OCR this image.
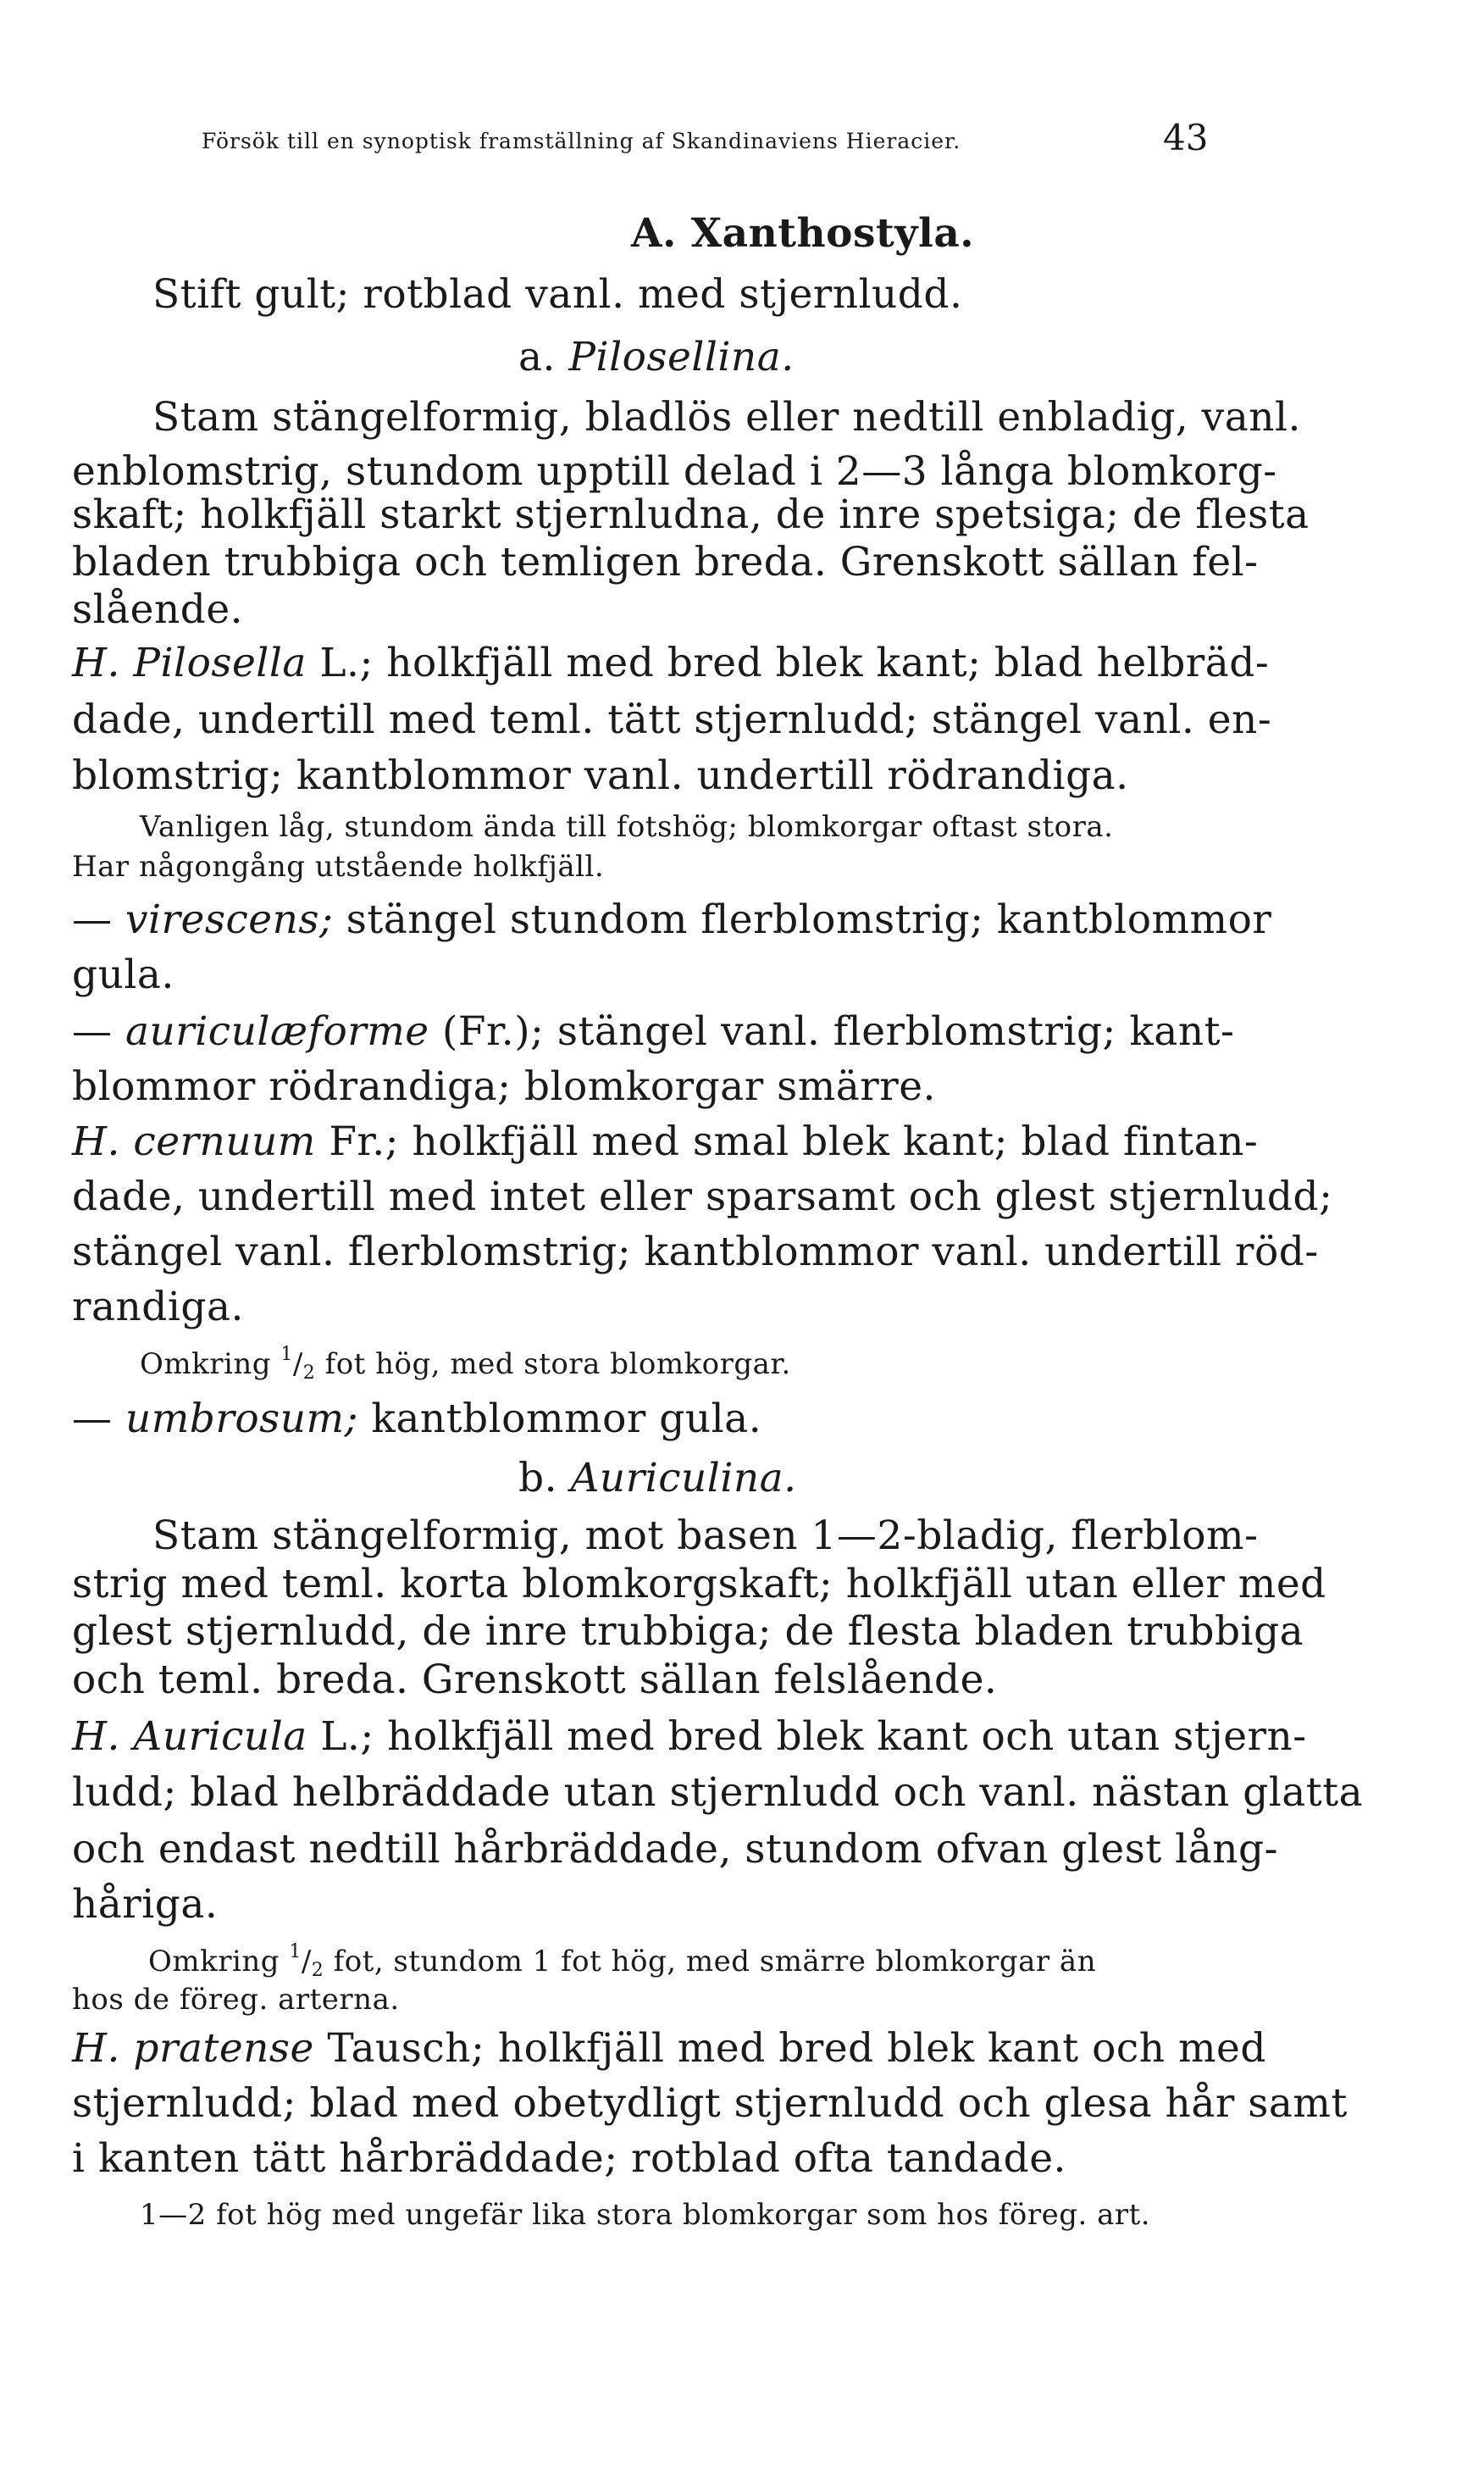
Försök till en synoptisk framställning af Skandinaviens Hieracier.	43

A. Xanthostyla.

Stift gult; rotblad vanl. med stjernludd.

a. Pilosellina.

Stam stängelformig, bladlös eller nedtill enbladig, vanl.

enblomstrig, stundom upptill delad i 2—3 långa blomkorg-

skaft; holkfjäll starkt stjernludna, de inre spetsiga; de flesta

bladen trubbiga och temligen breda. Grenskott sällan fel-

slående.

H. Pilosella L.; holkfjäll med bred blek kant; blad helbräd-

dade, undertill med teml. tätt stjernludd; stängel vanl. en-

blomstrig; kantblommor vanl. undertill rödrandiga.

Vanligen låg, stundom ända till fotshög; blomkorgar oftast stora.

Har någongång utstående holkfjäll.

— virescens; stängel stundom flerblomstrig; kantblommor

gula.

— auriculæforme (Fr.); stängel vanl. flerblomstrig; kant-

blommor rödrandiga; blomkorgar smärre.

H. cernuum Fr.; holkfjäll med smal blek kant; blad fintan-

dade, undertill med intet eller sparsamt och glest stjernludd;

stängel vanl. flerblomstrig; kantblommor vanl. undertill röd-

randiga.

Omkring $^1/_2$ fot hög, med stora blomkorgar.

— umbrosum; kantblommor gula.

b. Auriculina.

Stam stängelformig, mot basen 1—2-bladig, flerblom-

strig med teml. korta blomkorgskaft; holkfjäll utan eller med

glest stjernludd, de inre trubbiga; de flesta bladen trubbiga

och teml. breda. Grenskott sällan felslående.

H. Auricula L.; holkfjäll med bred blek kant och utan stjern-

ludd; blad helbräddade utan stjernludd och vanl. nästan glatta

och endast nedtill hårbräddade, stundom ofvan glest lång-

håriga.

Omkring $^1/_2$ fot, stundom 1 fot hög, med smärre blomkorgar än

hos de föreg. arterna.

H. pratense Tausch; holkfjäll med bred blek kant och med

stjernludd; blad med obetydligt stjernludd och glesa hår samt

i kanten tätt hårbräddade; rotblad ofta tandade.

1—2 fot hög med ungefär lika stora blomkorgar som hos föreg. art.
